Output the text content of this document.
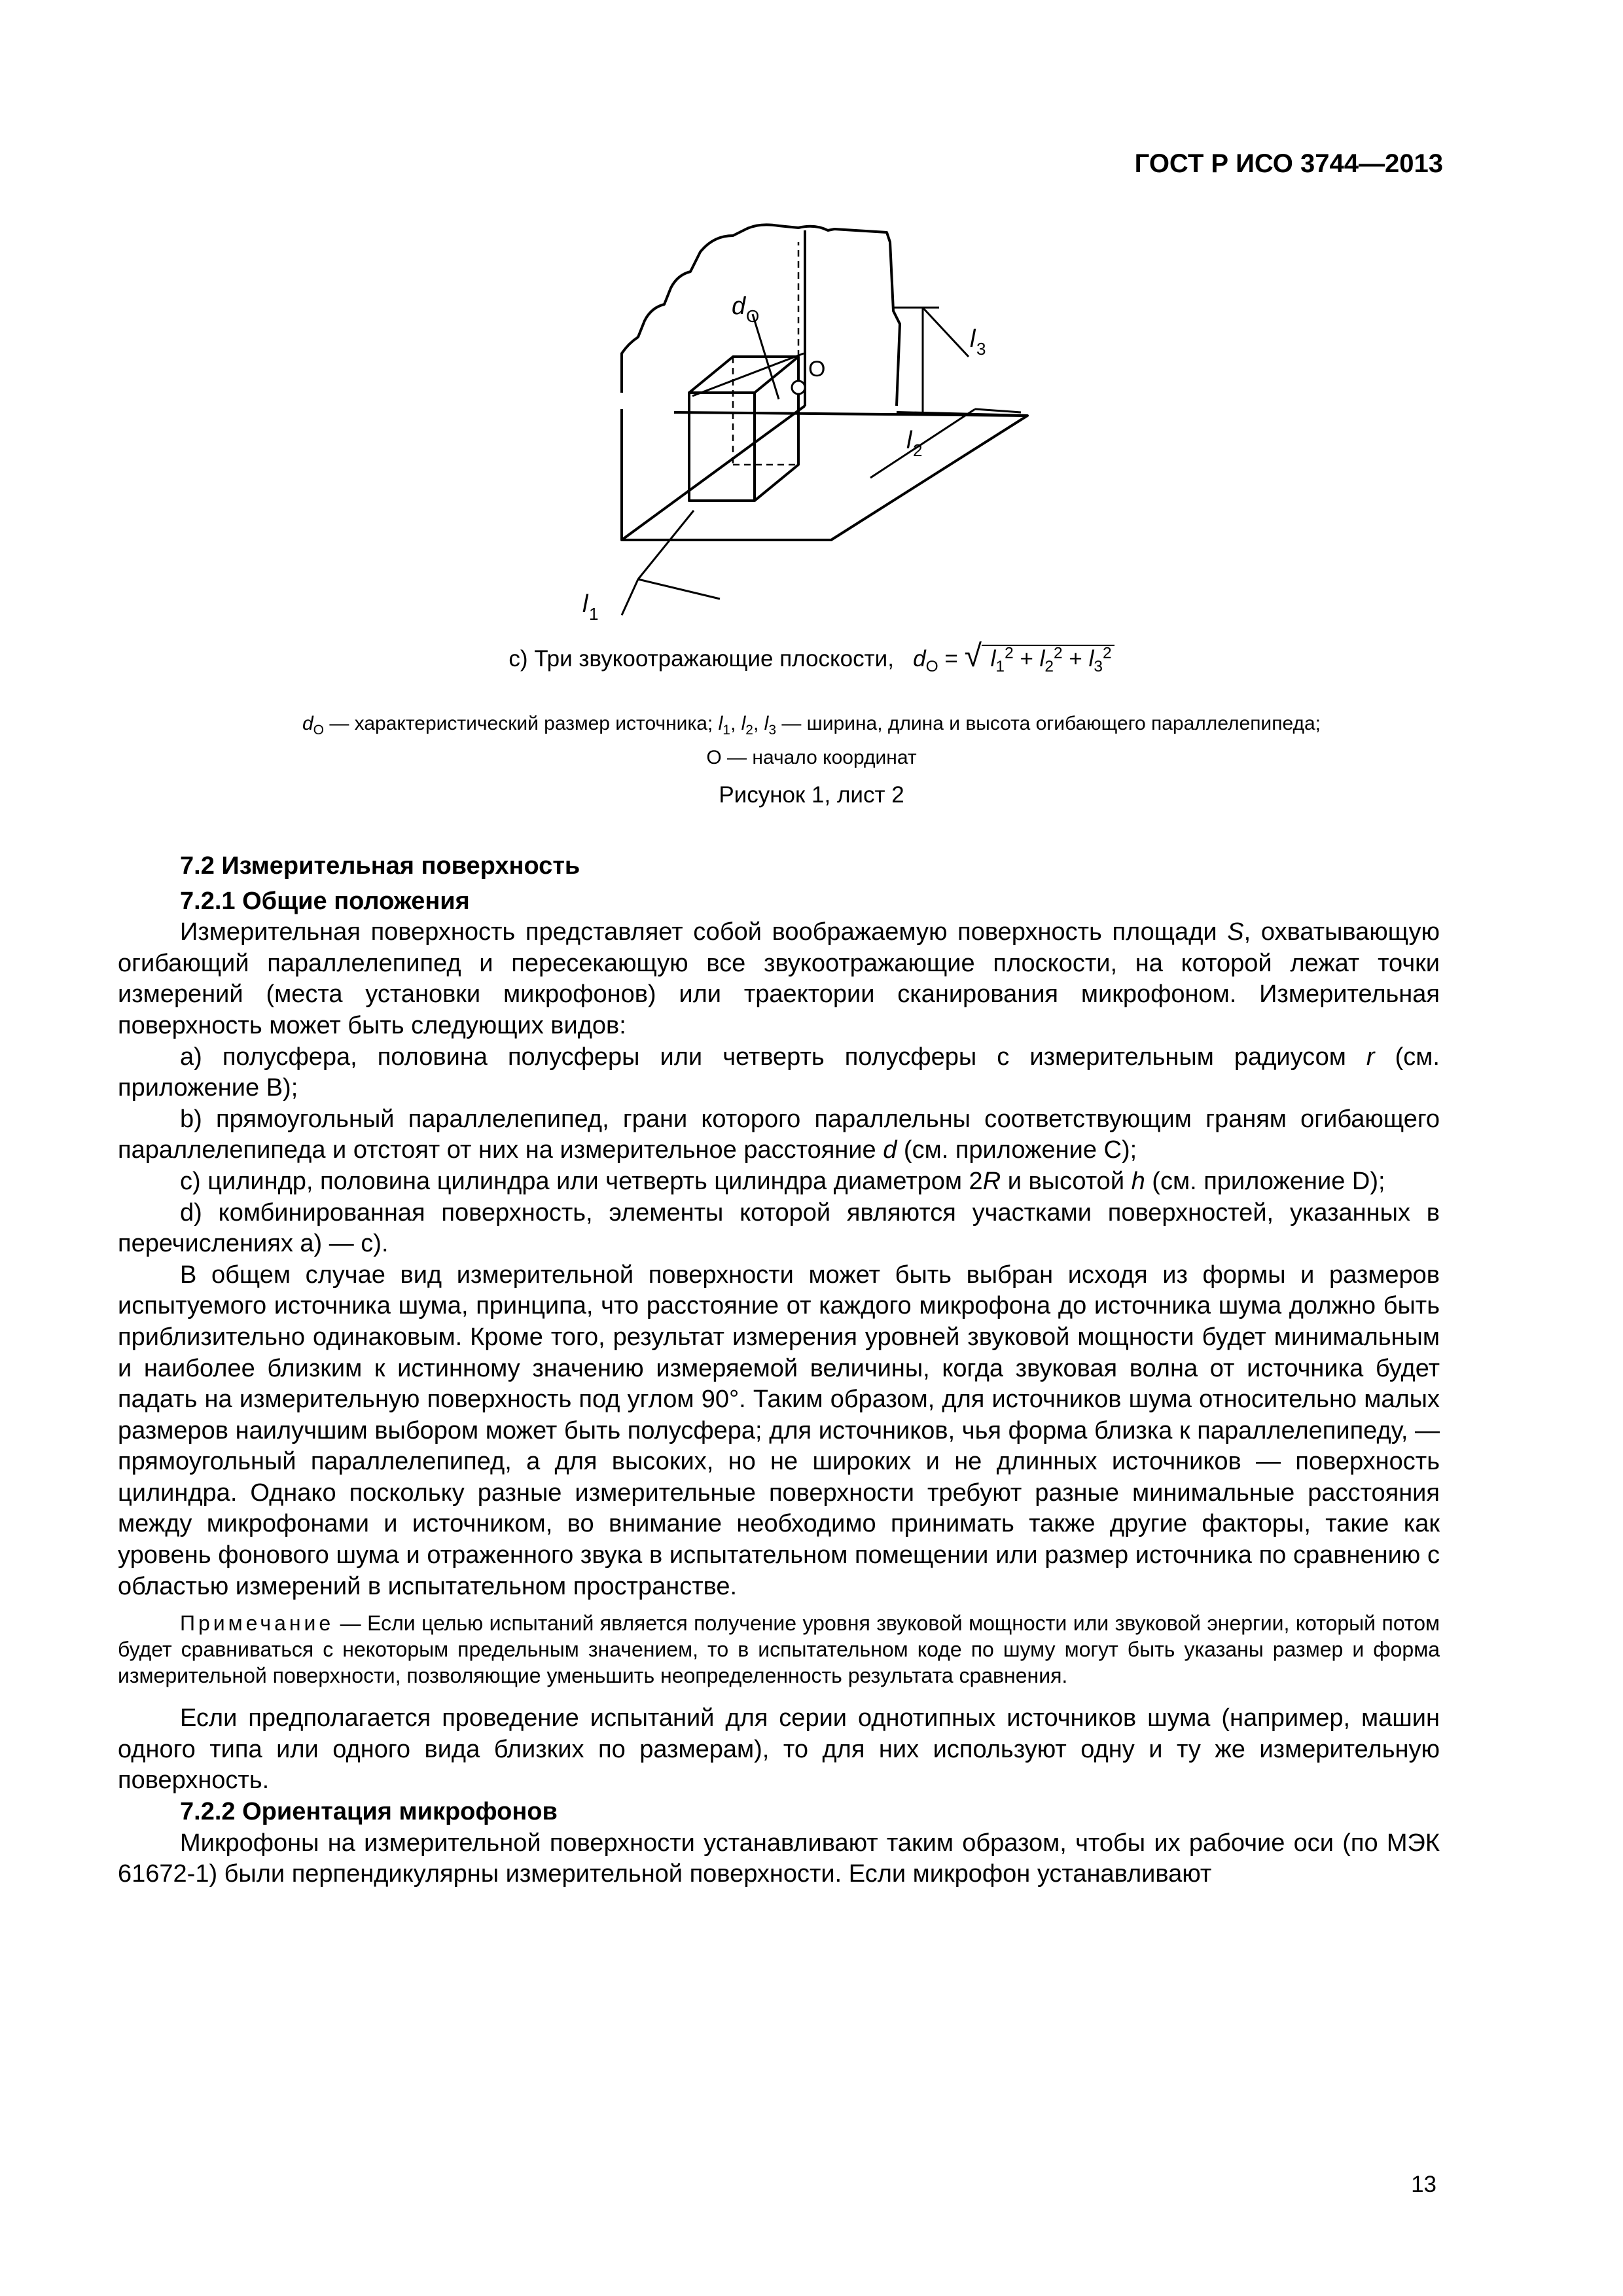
ГОСТ Р ИСО 3744—2013
d O
O
l 3
l 2
l 1
c) Три звукоотражающие плоскости, $d_O$ = √ $l_1^2 + l_2^2 + l_3^2$
$d_O$ — характеристический размер источника; $l_1$, $l_2$, $l_3$ — ширина, длина и высота огибающего параллелепипеда;
O — начало координат
Рисунок 1, лист 2
7.2 Измерительная поверхность
7.2.1 Общие положения

Измерительная поверхность представляет собой воображаемую поверхность площади S, охватывающую огибающий параллелепипед и пересекающую все звукоотражающие плоскости, на которой лежат точки измерений (места установки микрофонов) или траектории сканирования микрофоном. Измерительная поверхность может быть следующих видов:

a) полусфера, половина полусферы или четверть полусферы с измерительным радиусом r (см. приложение В);

b) прямоугольный параллелепипед, грани которого параллельны соответствующим граням огибающего параллелепипеда и отстоят от них на измерительное расстояние d (см. приложение С);

c) цилиндр, половина цилиндра или четверть цилиндра диаметром 2R и высотой h (см. приложение D);

d) комбинированная поверхность, элементы которой являются участками поверхностей, указанных в перечислениях a) — c).

В общем случае вид измерительной поверхности может быть выбран исходя из формы и размеров испытуемого источника шума, принципа, что расстояние от каждого микрофона до источника шума должно быть приблизительно одинаковым. Кроме того, результат измерения уровней звуковой мощности будет минимальным и наиболее близким к истинному значению измеряемой величины, когда звуковая волна от источника будет падать на измерительную поверхность под углом 90°. Таким образом, для источников шума относительно малых размеров наилучшим выбором может быть полусфера; для источников, чья форма близка к параллелепипеду, — прямоугольный параллелепипед, а для высоких, но не широких и не длинных источников — поверхность цилиндра. Однако поскольку разные измерительные поверхности требуют разные минимальные расстояния между микрофонами и источником, во внимание необходимо принимать также другие факторы, такие как уровень фонового шума и отраженного звука в испытательном помещении или размер источника по сравнению с областью измерений в испытательном пространстве.

Примечание — Если целью испытаний является получение уровня звуковой мощности или звуковой энергии, который потом будет сравниваться с некоторым предельным значением, то в испытательном коде по шуму могут быть указаны размер и форма измерительной поверхности, позволяющие уменьшить неопределенность результата сравнения.

Если предполагается проведение испытаний для серии однотипных источников шума (например, машин одного типа или одного вида близких по размерам), то для них используют одну и ту же измерительную поверхность.

7.2.2 Ориентация микрофонов

Микрофоны на измерительной поверхности устанавливают таким образом, чтобы их рабочие оси (по МЭК 61672-1) были перпендикулярны измерительной поверхности. Если микрофон устанавливают

13
